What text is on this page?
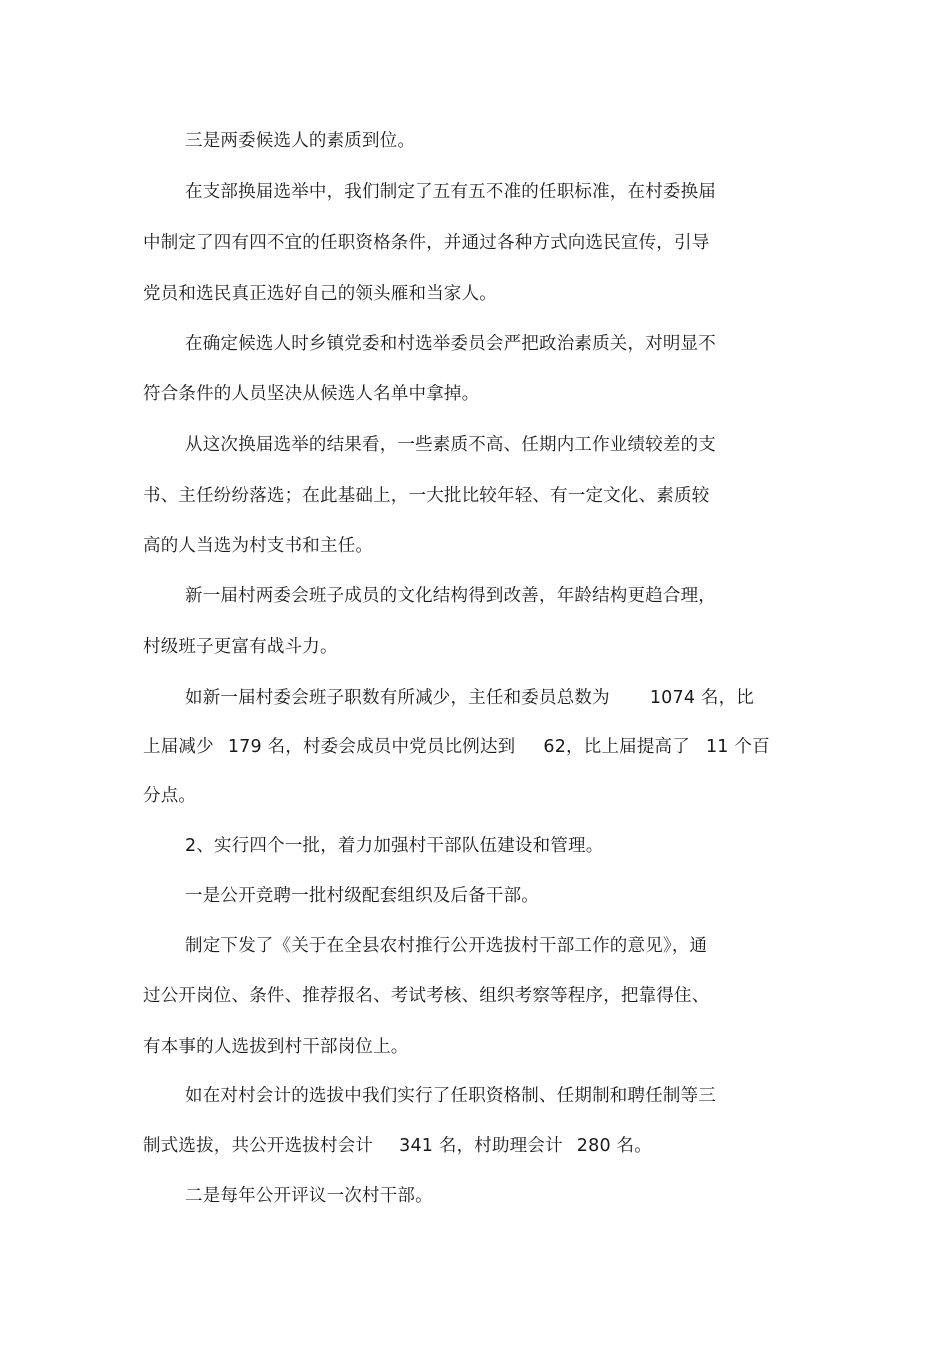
三是两委候选人的素质到位。
在支部换届选举中，我们制定了五有五不准的任职标准，在村委换届
中制定了四有四不宜的任职资格条件，并通过各种方式向选民宣传，引导
党员和选民真正选好自己的领头雁和当家人。
在确定候选人时乡镇党委和村选举委员会严把政治素质关，对明显不
符合条件的人员坚决从候选人名单中拿掉。
从这次换届选举的结果看，一些素质不高、任期内工作业绩较差的支
书、主任纷纷落选；在此基础上，一大批比较年轻、有一定文化、素质较
高的人当选为村支书和主任。
新一届村两委会班子成员的文化结构得到改善，年龄结构更趋合理，
村级班子更富有战斗力。
如新一届村委会班子职数有所减少，主任和委员总数为 1074 名，比
上届减少 179 名，村委会成员中党员比例达到 62，比上届提高了 11 个百
分点。
2、实行四个一批，着力加强村干部队伍建设和管理。
一是公开竞聘一批村级配套组织及后备干部。
制定下发了《关于在全县农村推行公开选拔村干部工作的意见》，通
过公开岗位、条件、推荐报名、考试考核、组织考察等程序，把靠得住、
有本事的人选拔到村干部岗位上。
如在对村会计的选拔中我们实行了任职资格制、任期制和聘任制等三
制式选拔，共公开选拔村会计 341 名，村助理会计 280 名。
二是每年公开评议一次村干部。
